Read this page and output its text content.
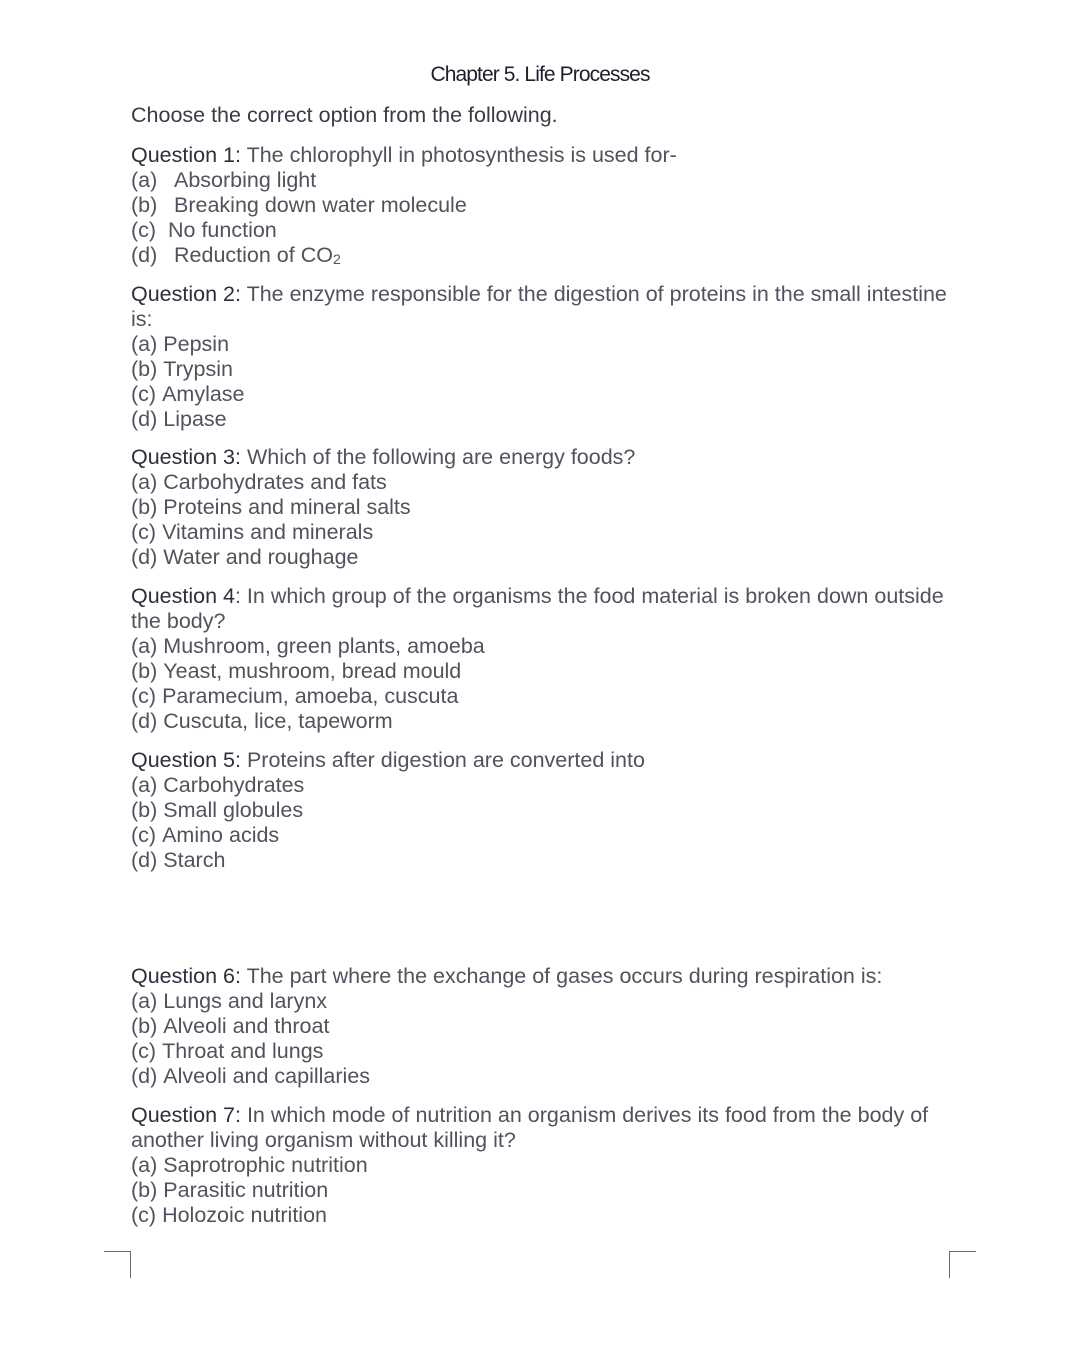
Chapter 5. Life Processes
Choose the correct option from the following.

Question 1: The chlorophyll in photosynthesis is used for-

(a) Absorbing light

(b) Breaking down water molecule

(c) No function

(d) Reduction of $CO_2$

Question 2: The enzyme responsible for the digestion of proteins in the small intestine is:

(a) Pepsin

(b) Trypsin

(c) Amylase

(d) Lipase

Question 3: Which of the following are energy foods?

(a) Carbohydrates and fats

(b) Proteins and mineral salts

(c) Vitamins and minerals

(d) Water and roughage

Question 4: In which group of the organisms the food material is broken down outside the body?

(a) Mushroom, green plants, amoeba

(b) Yeast, mushroom, bread mould

(c) Paramecium, amoeba, cuscuta

(d) Cuscuta, lice, tapeworm

Question 5: Proteins after digestion are converted into

(a) Carbohydrates

(b) Small globules

(c) Amino acids

(d) Starch

Question 6: The part where the exchange of gases occurs during respiration is:

(a) Lungs and larynx

(b) Alveoli and throat

(c) Throat and lungs

(d) Alveoli and capillaries

Question 7: In which mode of nutrition an organism derives its food from the body of another living organism without killing it?

(a) Saprotrophic nutrition

(b) Parasitic nutrition

(c) Holozoic nutrition
